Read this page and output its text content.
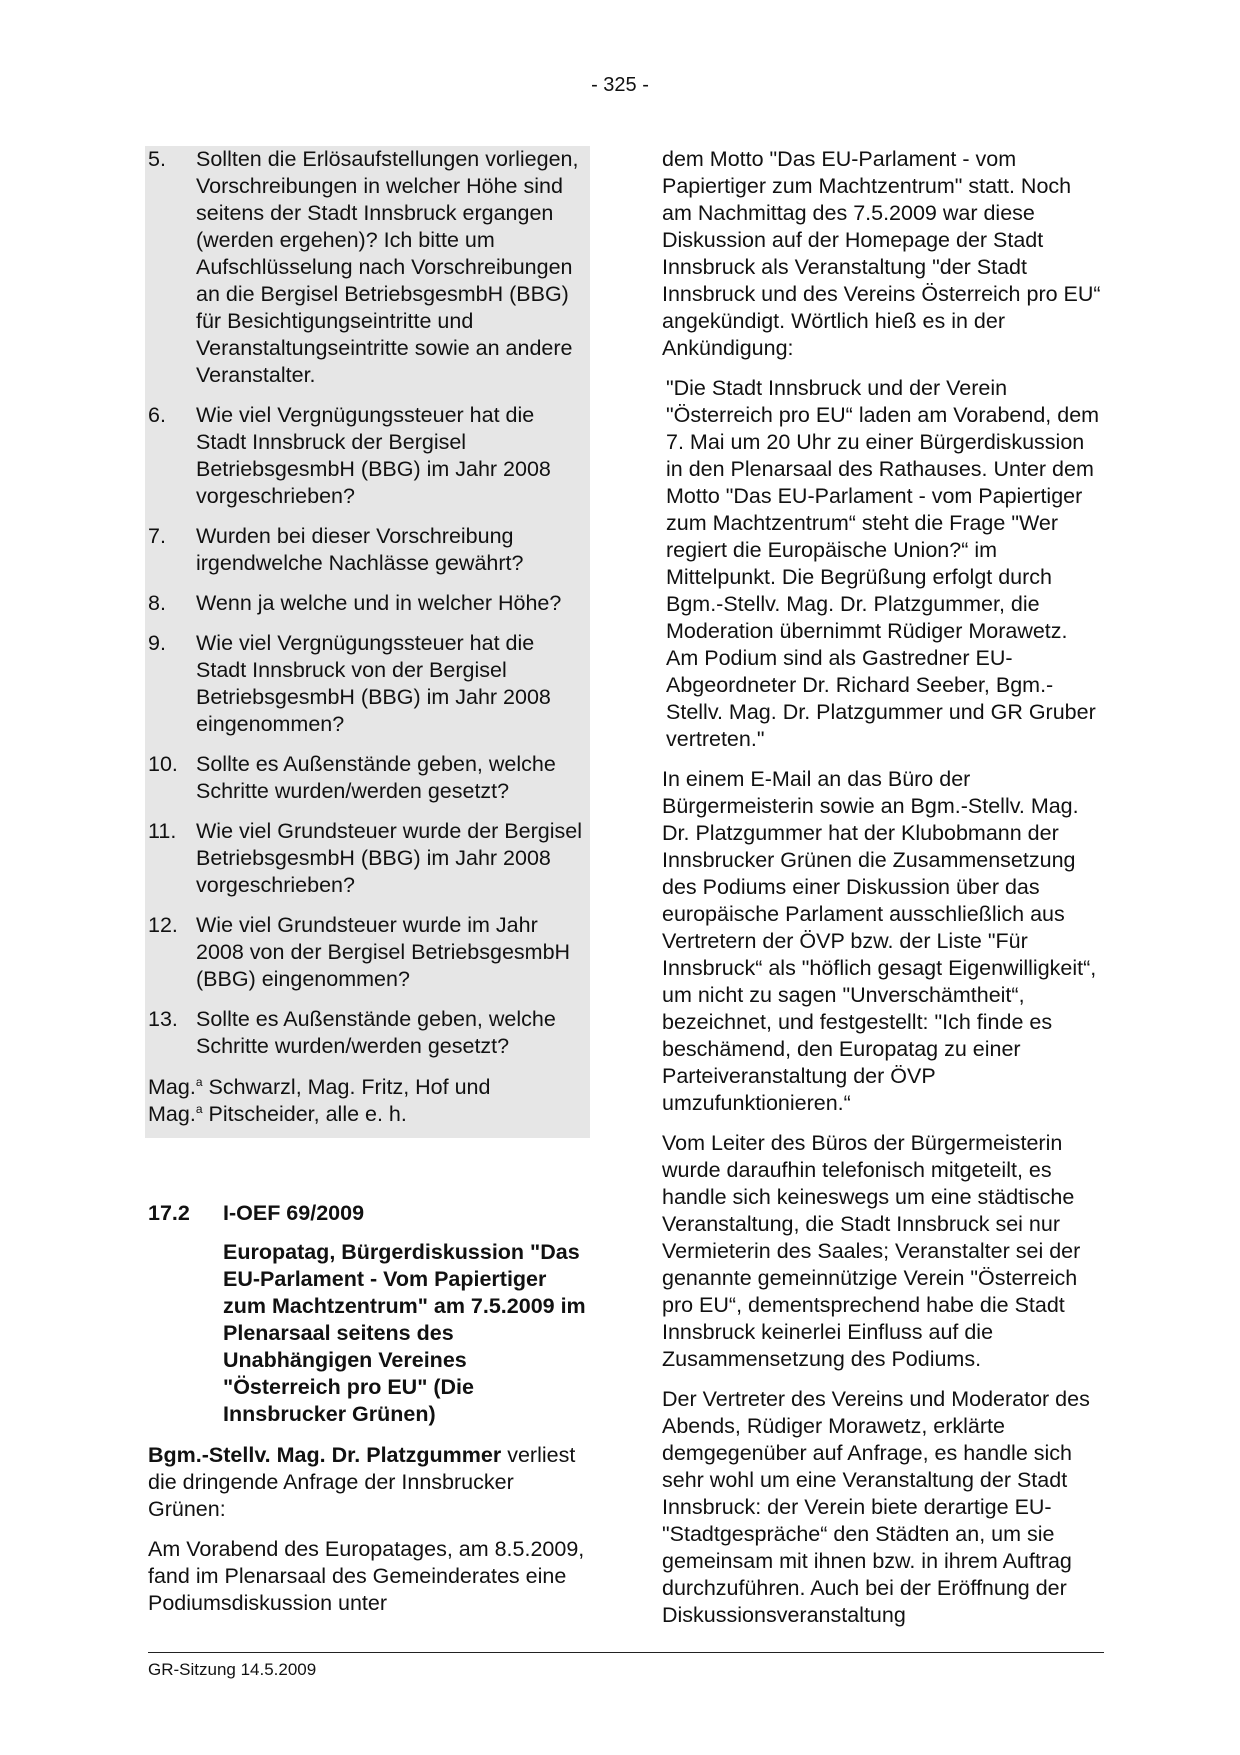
- 325 -
5. Sollten die Erlösaufstellungen vorliegen, Vorschreibungen in welcher Höhe sind seitens der Stadt Innsbruck ergangen (werden ergehen)? Ich bitte um Aufschlüsselung nach Vorschreibungen an die Bergisel BetriebsgesmbH (BBG) für Besichtigungseintritte und Veranstaltungseintritte sowie an andere Veranstalter.
6. Wie viel Vergnügungssteuer hat die Stadt Innsbruck der Bergisel BetriebsgesmbH (BBG) im Jahr 2008 vorgeschrieben?
7. Wurden bei dieser Vorschreibung irgendwelche Nachlässe gewährt?
8. Wenn ja welche und in welcher Höhe?
9. Wie viel Vergnügungssteuer hat die Stadt Innsbruck von der Bergisel BetriebsgesmbH (BBG) im Jahr 2008 eingenommen?
10. Sollte es Außenstände geben, welche Schritte wurden/werden gesetzt?
11. Wie viel Grundsteuer wurde der Bergisel BetriebsgesmbH (BBG) im Jahr 2008 vorgeschrieben?
12. Wie viel Grundsteuer wurde im Jahr 2008 von der Bergisel BetriebsgesmbH (BBG) eingenommen?
13. Sollte es Außenstände geben, welche Schritte wurden/werden gesetzt?
Mag.$^a$ Schwarzl, Mag. Fritz, Hof und
Mag.$^a$ Pitscheider, alle e. h.
17.2	I-OEF 69/2009
Europatag, Bürgerdiskussion "Das EU-Parlament - Vom Papiertiger zum Machtzentrum" am 7.5.2009 im Plenarsaal seitens des Unabhängigen Vereines "Österreich pro EU" (Die Innsbrucker Grünen)

Bgm.-Stellv. Mag. Dr. Platzgummer verliest die dringende Anfrage der Innsbrucker Grünen:

Am Vorabend des Europatages, am 8.5.2009, fand im Plenarsaal des Gemeinderates eine Podiumsdiskussion unter

dem Motto "Das EU-Parlament - vom Papiertiger zum Machtzentrum" statt. Noch am Nachmittag des 7.5.2009 war diese Diskussion auf der Homepage der Stadt Innsbruck als Veranstaltung "der Stadt Innsbruck und des Vereins Österreich pro EU“ angekündigt. Wörtlich hieß es in der Ankündigung:

"Die Stadt Innsbruck und der Verein "Österreich pro EU“ laden am Vorabend, dem 7. Mai um 20 Uhr zu einer Bürgerdiskussion in den Plenarsaal des Rathauses. Unter dem Motto "Das EU-Parlament - vom Papiertiger zum Machtzentrum“ steht die Frage "Wer regiert die Europäische Union?“ im Mittelpunkt. Die Begrüßung erfolgt durch Bgm.-Stellv. Mag. Dr. Platzgummer, die Moderation übernimmt Rüdiger Morawetz. Am Podium sind als Gastredner EU-Abgeordneter Dr. Richard Seeber, Bgm.-Stellv. Mag. Dr. Platzgummer und GR Gruber vertreten."

In einem E-Mail an das Büro der Bürgermeisterin sowie an Bgm.-Stellv. Mag. Dr. Platzgummer hat der Klubobmann der Innsbrucker Grünen die Zusammensetzung des Podiums einer Diskussion über das europäische Parlament ausschließlich aus Vertretern der ÖVP bzw. der Liste "Für Innsbruck“ als "höflich gesagt Eigenwilligkeit“, um nicht zu sagen "Unverschämtheit“, bezeichnet, und festgestellt: "Ich finde es beschämend, den Europatag zu einer Parteiveranstaltung der ÖVP umzufunktionieren.“

Vom Leiter des Büros der Bürgermeisterin wurde daraufhin telefonisch mitgeteilt, es handle sich keineswegs um eine städtische Veranstaltung, die Stadt Innsbruck sei nur Vermieterin des Saales; Veranstalter sei der genannte gemeinnützige Verein "Österreich pro EU“, dementsprechend habe die Stadt Innsbruck keinerlei Einfluss auf die Zusammensetzung des Podiums.

Der Vertreter des Vereins und Moderator des Abends, Rüdiger Morawetz, erklärte demgegenüber auf Anfrage, es handle sich sehr wohl um eine Veranstaltung der Stadt Innsbruck: der Verein biete derartige EU-"Stadtgespräche“ den Städten an, um sie gemeinsam mit ihnen bzw. in ihrem Auftrag durchzuführen. Auch bei der Eröffnung der Diskussionsveranstaltung

GR-Sitzung 14.5.2009
